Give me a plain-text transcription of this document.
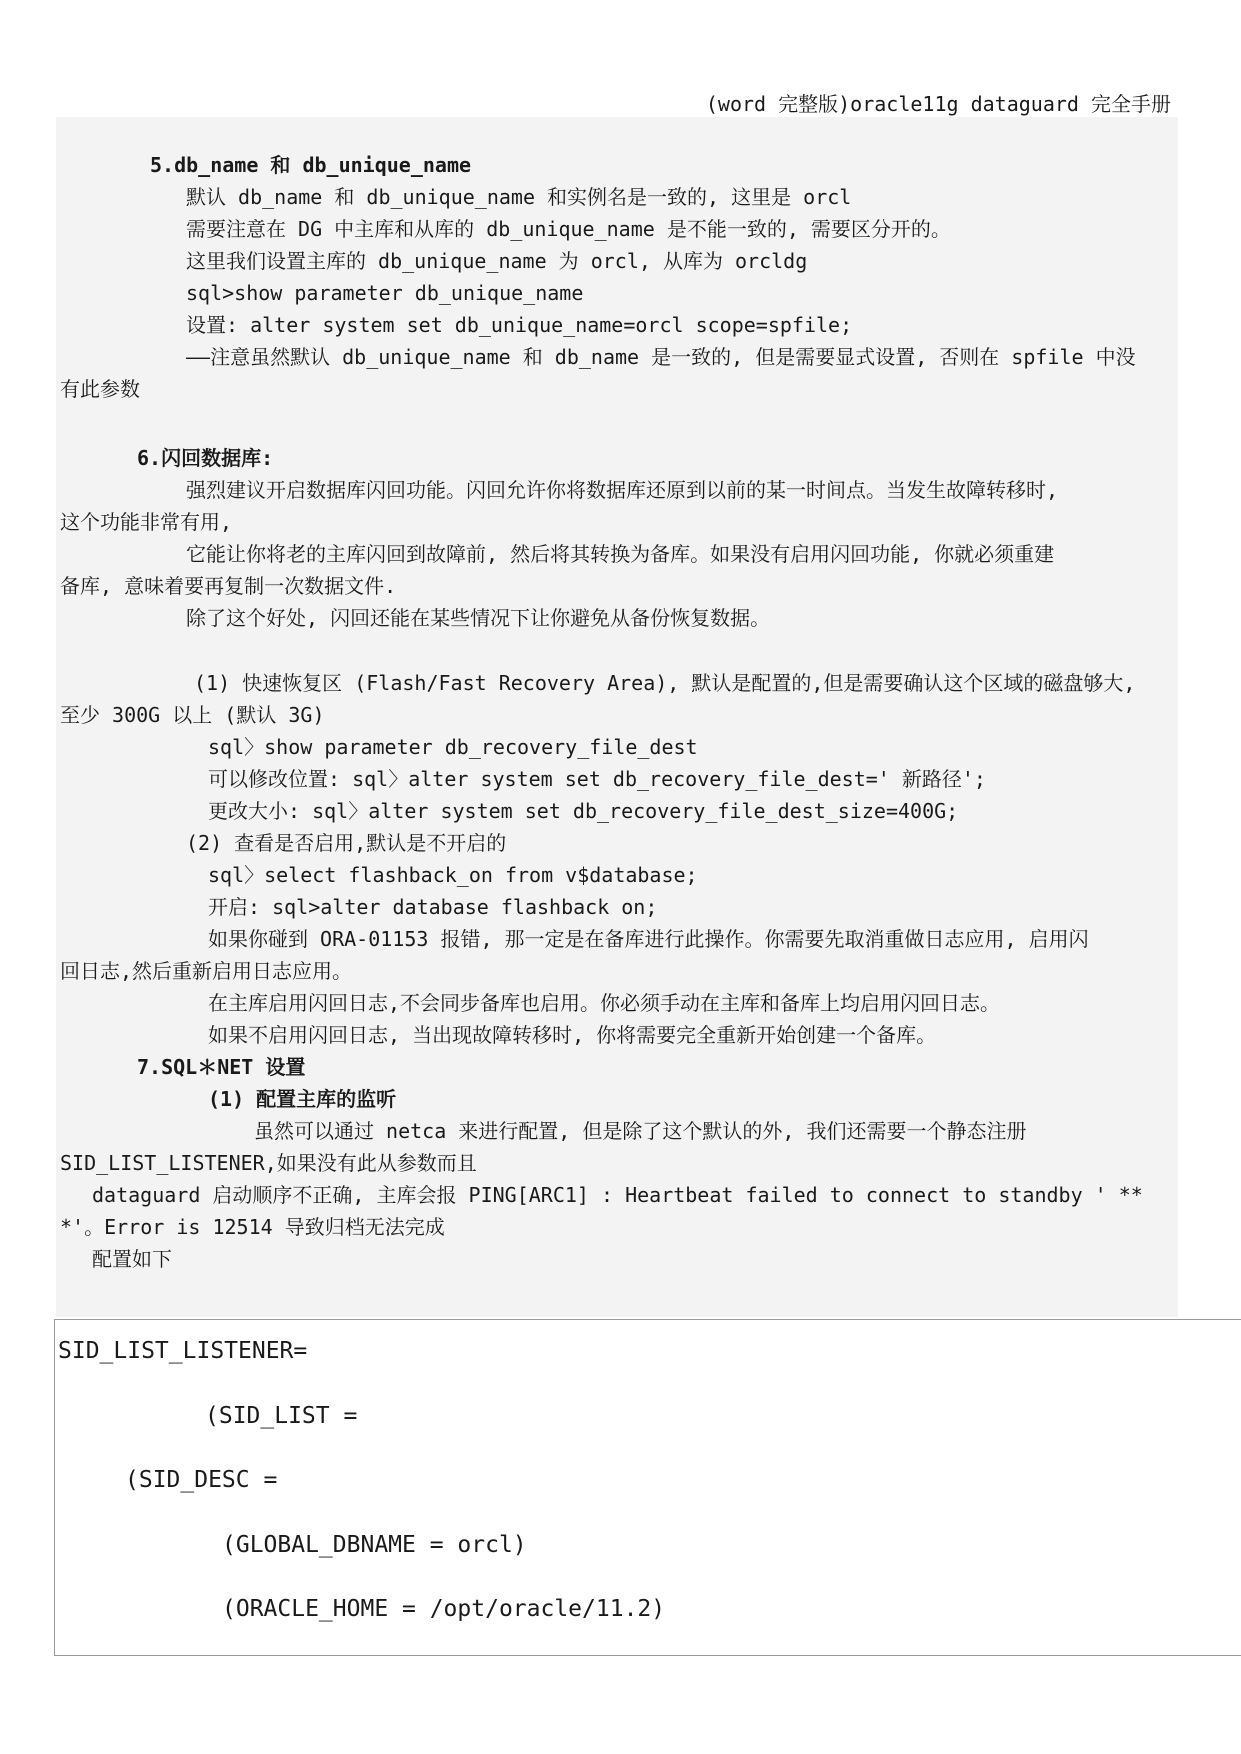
(word 完整版)oracle11g dataguard 完全手册
5.db_name 和 db_unique_name
默认 db_name 和 db_unique_name 和实例名是一致的, 这里是 orcl
需要注意在 DG 中主库和从库的 db_unique_name 是不能一致的, 需要区分开的。
这里我们设置主库的 db_unique_name 为 orcl, 从库为 orcldg
sql>show parameter db_unique_name
设置: alter system set db_unique_name=orcl scope=spfile;
——注意虽然默认 db_unique_name 和 db_name 是一致的, 但是需要显式设置, 否则在 spfile 中没
有此参数
6.闪回数据库:
强烈建议开启数据库闪回功能。闪回允许你将数据库还原到以前的某一时间点。当发生故障转移时,
这个功能非常有用,
它能让你将老的主库闪回到故障前, 然后将其转换为备库。如果没有启用闪回功能, 你就必须重建
备库, 意味着要再复制一次数据文件.
除了这个好处, 闪回还能在某些情况下让你避免从备份恢复数据。
(1) 快速恢复区 (Flash/Fast Recovery Area), 默认是配置的,但是需要确认这个区域的磁盘够大,
至少 300G 以上 (默认 3G)
sql〉show parameter db_recovery_file_dest
可以修改位置: sql〉alter system set db_recovery_file_dest=' 新路径';
更改大小: sql〉alter system set db_recovery_file_dest_size=400G;
(2) 查看是否启用,默认是不开启的
sql〉select flashback_on from v$database;
开启: sql>alter database flashback on;
如果你碰到 ORA-01153 报错, 那一定是在备库进行此操作。你需要先取消重做日志应用, 启用闪
回日志,然后重新启用日志应用。
在主库启用闪回日志,不会同步备库也启用。你必须手动在主库和备库上均启用闪回日志。
如果不启用闪回日志, 当出现故障转移时, 你将需要完全重新开始创建一个备库。
7.SQL＊NET 设置
(1) 配置主库的监听
虽然可以通过 netca 来进行配置, 但是除了这个默认的外, 我们还需要一个静态注册
SID_LIST_LISTENER,如果没有此从参数而且
dataguard 启动顺序不正确, 主库会报 PING[ARC1] : Heartbeat failed to connect to standby ' **
*'。Error is 12514 导致归档无法完成
配置如下
SID_LIST_LISTENER=
(SID_LIST =
(SID_DESC =
(GLOBAL_DBNAME = orcl)
(ORACLE_HOME = /opt/oracle/11.2)
